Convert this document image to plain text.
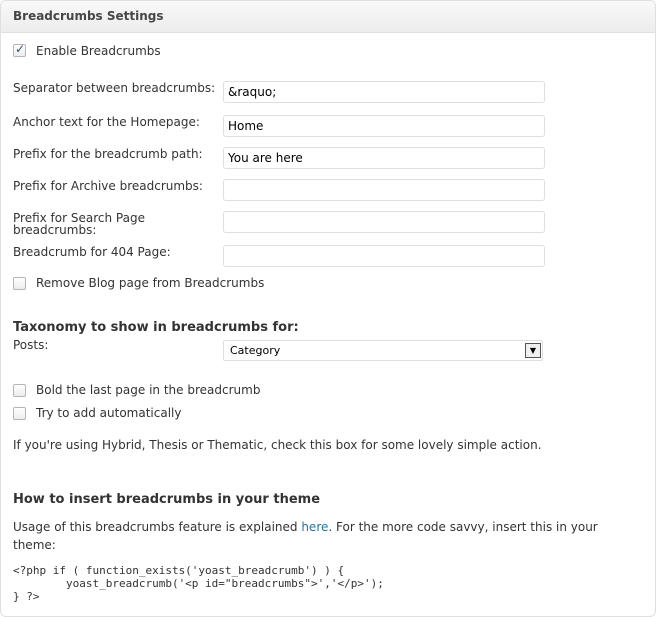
Breadcrumbs Settings
✓
Enable Breadcrumbs
Separator between breadcrumbs:
&raquo;
Anchor text for the Homepage:
Home
Prefix for the breadcrumb path:
You are here
Prefix for Archive breadcrumbs:
Prefix for Search Page breadcrumbs:
Breadcrumb for 404 Page:
Remove Blog page from Breadcrumbs
Taxonomy to show in breadcrumbs for:
Posts:	Category	▼
Bold the last page in the breadcrumb
Try to add automatically
If you're using Hybrid, Thesis or Thematic, check this box for some lovely simple action.
How to insert breadcrumbs in your theme
Usage of this breadcrumbs feature is explained here. For the more code savvy, insert this in your theme:
<?php if ( function_exists('yoast_breadcrumb') ) {
yoast_breadcrumb('<p id="breadcrumbs">','</p>');
} ?>
